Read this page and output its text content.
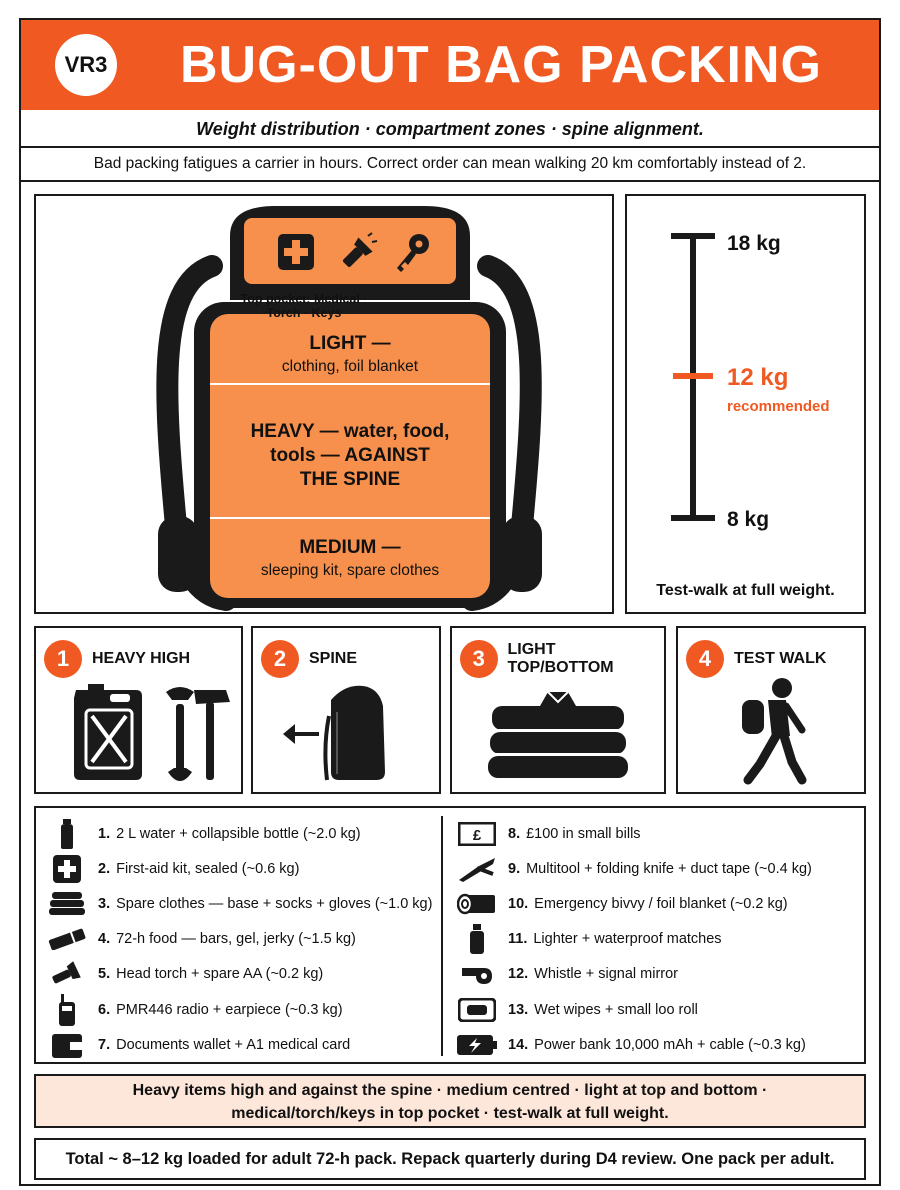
VR3	BUG-OUT BAG PACKING
Weight distribution · compartment zones · spine alignment.
Bad packing fatigues a carrier in hours. Correct order can mean walking 20 km comfortably instead of 2.
Top pocket: Medical · Torch · Keys
LIGHT —
clothing, foil blanket
HEAVY — water, food,
tools — AGAINST
THE SPINE
MEDIUM —
sleeping kit, spare clothes
18 kg
12 kg
recommended
8 kg
Test-walk at full weight.
1	HEAVY HIGH	2	SPINE	3	LIGHT TOP/BOTTOM	4	TEST WALK
1. 2 L water + collapsible bottle (~2.0 kg)
2. First-aid kit, sealed (~0.6 kg)
3. Spare clothes — base + socks + gloves (~1.0 kg)
4. 72-h food — bars, gel, jerky (~1.5 kg)
5. Head torch + spare AA (~0.2 kg)
6. PMR446 radio + earpiece (~0.3 kg)
7. Documents wallet + A1 medical card
£ 8. £100 in small bills
9. Multitool + folding knife + duct tape (~0.4 kg)
10. Emergency bivvy / foil blanket (~0.2 kg)
11. Lighter + waterproof matches
12. Whistle + signal mirror
13. Wet wipes + small loo roll
14. Power bank 10,000 mAh + cable (~0.3 kg)
Heavy items high and against the spine · medium centred · light at top and bottom ·
medical/torch/keys in top pocket · test-walk at full weight.
Total ~ 8–12 kg loaded for adult 72-h pack. Repack quarterly during D4 review. One pack per adult.
